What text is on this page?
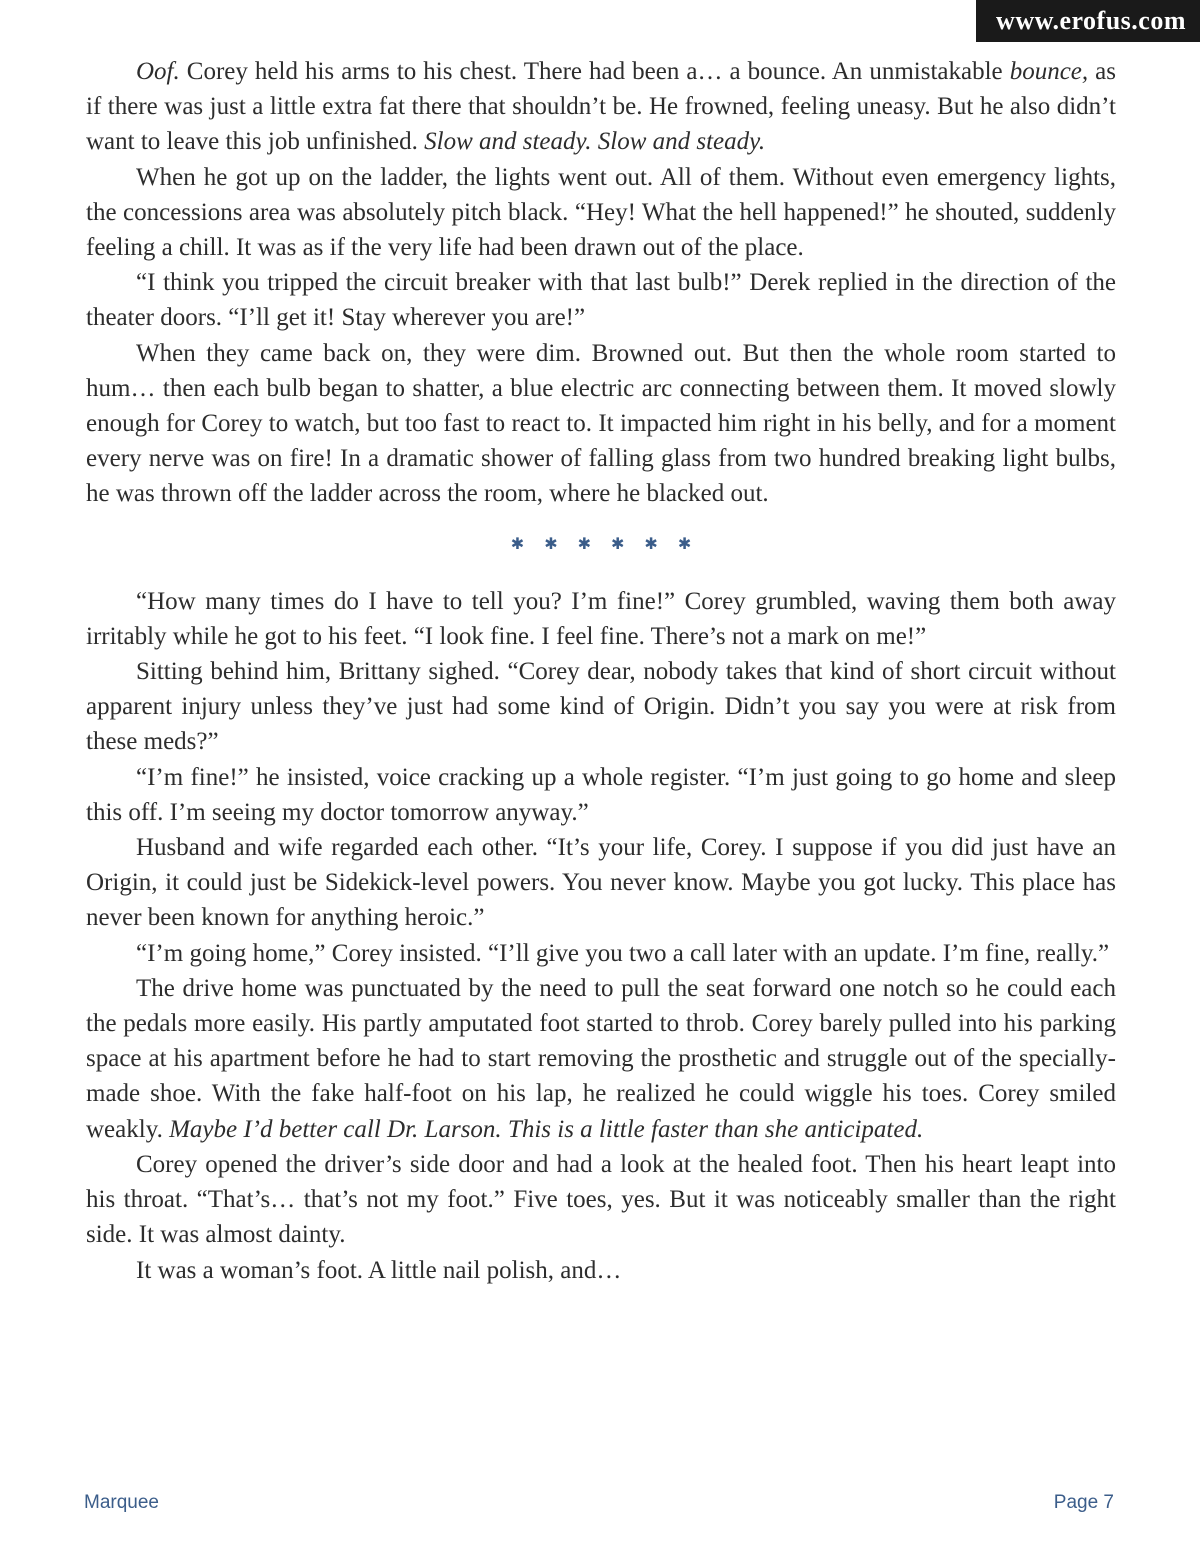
www.erofus.com

Oof. Corey held his arms to his chest. There had been a… a bounce. An unmistakable bounce, as if there was just a little extra fat there that shouldn’t be. He frowned, feeling uneasy. But he also didn’t want to leave this job unfinished. Slow and steady. Slow and steady.

When he got up on the ladder, the lights went out. All of them. Without even emergency lights, the concessions area was absolutely pitch black. “Hey! What the hell happened!” he shouted, suddenly feeling a chill. It was as if the very life had been drawn out of the place.

“I think you tripped the circuit breaker with that last bulb!” Derek replied in the direction of the theater doors. “I’ll get it! Stay wherever you are!”

When they came back on, they were dim. Browned out. But then the whole room started to hum… then each bulb began to shatter, a blue electric arc connecting between them. It moved slowly enough for Corey to watch, but too fast to react to. It impacted him right in his belly, and for a moment every nerve was on fire! In a dramatic shower of falling glass from two hundred breaking light bulbs, he was thrown off the ladder across the room, where he blacked out.

✱ ✱ ✱ ✱ ✱ ✱

“How many times do I have to tell you? I’m fine!” Corey grumbled, waving them both away irritably while he got to his feet. “I look fine. I feel fine. There’s not a mark on me!”

Sitting behind him, Brittany sighed. “Corey dear, nobody takes that kind of short circuit without apparent injury unless they’ve just had some kind of Origin. Didn’t you say you were at risk from these meds?”

“I’m fine!” he insisted, voice cracking up a whole register. “I’m just going to go home and sleep this off. I’m seeing my doctor tomorrow anyway.”

Husband and wife regarded each other. “It’s your life, Corey. I suppose if you did just have an Origin, it could just be Sidekick-level powers. You never know. Maybe you got lucky. This place has never been known for anything heroic.”

“I’m going home,” Corey insisted. “I’ll give you two a call later with an update. I’m fine, really.”

The drive home was punctuated by the need to pull the seat forward one notch so he could each the pedals more easily. His partly amputated foot started to throb. Corey barely pulled into his parking space at his apartment before he had to start removing the prosthetic and struggle out of the specially-made shoe. With the fake half-foot on his lap, he realized he could wiggle his toes. Corey smiled weakly. Maybe I’d better call Dr. Larson. This is a little faster than she anticipated.

Corey opened the driver’s side door and had a look at the healed foot. Then his heart leapt into his throat. “That’s… that’s not my foot.” Five toes, yes. But it was noticeably smaller than the right side. It was almost dainty.

It was a woman’s foot. A little nail polish, and…

Marquee	Page 7
